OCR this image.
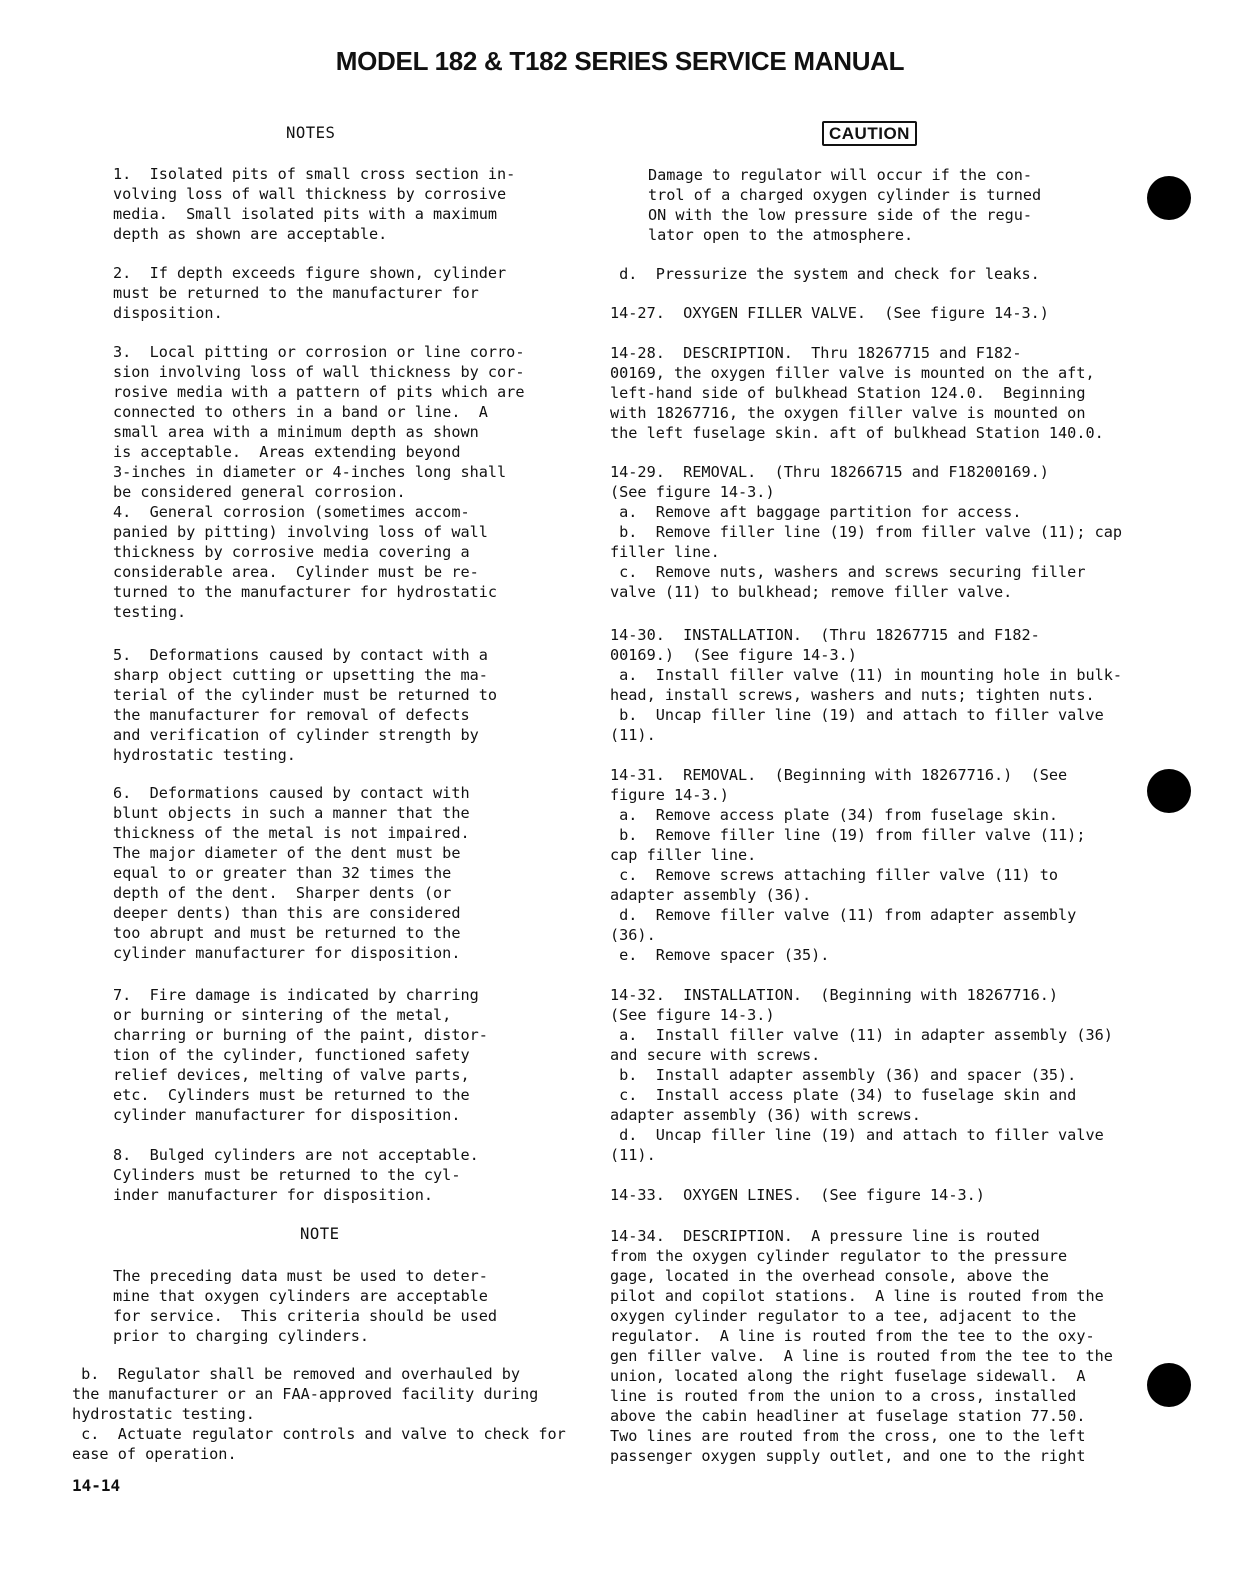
MODEL 182 & T182 SERIES SERVICE MANUAL
NOTES
1.  Isolated pits of small cross section in-
volving loss of wall thickness by corrosive
media.  Small isolated pits with a maximum
depth as shown are acceptable.
2.  If depth exceeds figure shown, cylinder
must be returned to the manufacturer for
disposition.
3.  Local pitting or corrosion or line corro-
sion involving loss of wall thickness by cor-
rosive media with a pattern of pits which are
connected to others in a band or line.  A
small area with a minimum depth as shown
is acceptable.  Areas extending beyond
3-inches in diameter or 4-inches long shall
be considered general corrosion.
4.  General corrosion (sometimes accom-
panied by pitting) involving loss of wall
thickness by corrosive media covering a
considerable area.  Cylinder must be re-
turned to the manufacturer for hydrostatic
testing.
5.  Deformations caused by contact with a
sharp object cutting or upsetting the ma-
terial of the cylinder must be returned to
the manufacturer for removal of defects
and verification of cylinder strength by
hydrostatic testing.
6.  Deformations caused by contact with
blunt objects in such a manner that the
thickness of the metal is not impaired.
The major diameter of the dent must be
equal to or greater than 32 times the
depth of the dent.  Sharper dents (or
deeper dents) than this are considered
too abrupt and must be returned to the
cylinder manufacturer for disposition.
7.  Fire damage is indicated by charring
or burning or sintering of the metal,
charring or burning of the paint, distor-
tion of the cylinder, functioned safety
relief devices, melting of valve parts,
etc.  Cylinders must be returned to the
cylinder manufacturer for disposition.
8.  Bulged cylinders are not acceptable.
Cylinders must be returned to the cyl-
inder manufacturer for disposition.
NOTE
The preceding data must be used to deter-
mine that oxygen cylinders are acceptable
for service.  This criteria should be used
prior to charging cylinders.
b.  Regulator shall be removed and overhauled by
the manufacturer or an FAA-approved facility during
hydrostatic testing.
c.  Actuate regulator controls and valve to check for
ease of operation.
CAUTION
Damage to regulator will occur if the con-
trol of a charged oxygen cylinder is turned
ON with the low pressure side of the regu-
lator open to the atmosphere.
d.  Pressurize the system and check for leaks.
14-27.  OXYGEN FILLER VALVE.  (See figure 14-3.)
14-28.  DESCRIPTION.  Thru 18267715 and F182-
00169, the oxygen filler valve is mounted on the aft,
left-hand side of bulkhead Station 124.0.  Beginning
with 18267716, the oxygen filler valve is mounted on
the left fuselage skin. aft of bulkhead Station 140.0.
14-29.  REMOVAL.  (Thru 18266715 and F18200169.)
(See figure 14-3.)
a.  Remove aft baggage partition for access.
b.  Remove filler line (19) from filler valve (11); cap
filler line.
c.  Remove nuts, washers and screws securing filler
valve (11) to bulkhead; remove filler valve.
14-30.  INSTALLATION.  (Thru 18267715 and F182-
00169.)  (See figure 14-3.)
a.  Install filler valve (11) in mounting hole in bulk-
head, install screws, washers and nuts; tighten nuts.
b.  Uncap filler line (19) and attach to filler valve
(11).
14-31.  REMOVAL.  (Beginning with 18267716.)  (See
figure 14-3.)
a.  Remove access plate (34) from fuselage skin.
b.  Remove filler line (19) from filler valve (11);
cap filler line.
c.  Remove screws attaching filler valve (11) to
adapter assembly (36).
d.  Remove filler valve (11) from adapter assembly
(36).
e.  Remove spacer (35).
14-32.  INSTALLATION.  (Beginning with 18267716.)
(See figure 14-3.)
a.  Install filler valve (11) in adapter assembly (36)
and secure with screws.
b.  Install adapter assembly (36) and spacer (35).
c.  Install access plate (34) to fuselage skin and
adapter assembly (36) with screws.
d.  Uncap filler line (19) and attach to filler valve
(11).
14-33.  OXYGEN LINES.  (See figure 14-3.)
14-34.  DESCRIPTION.  A pressure line is routed
from the oxygen cylinder regulator to the pressure
gage, located in the overhead console, above the
pilot and copilot stations.  A line is routed from the
oxygen cylinder regulator to a tee, adjacent to the
regulator.  A line is routed from the tee to the oxy-
gen filler valve.  A line is routed from the tee to the
union, located along the right fuselage sidewall.  A
line is routed from the union to a cross, installed
above the cabin headliner at fuselage station 77.50.
Two lines are routed from the cross, one to the left
passenger oxygen supply outlet, and one to the right
14-14
